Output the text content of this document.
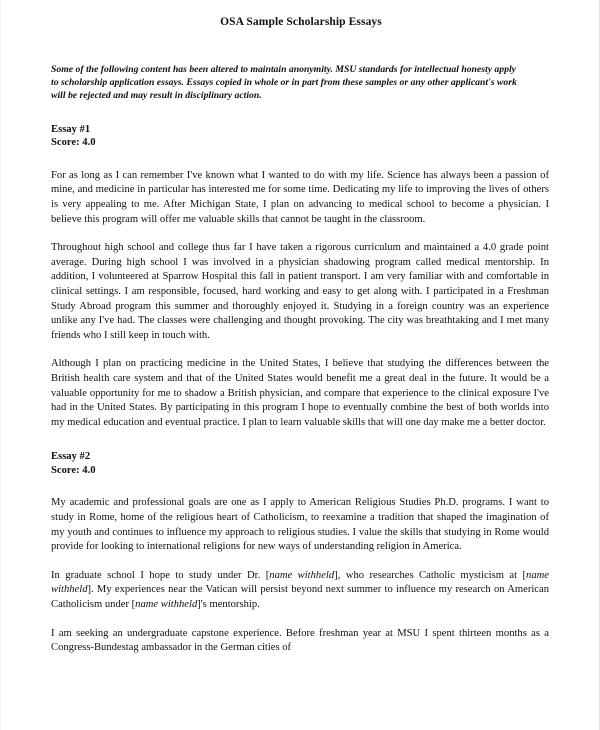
OSA Sample Scholarship Essays
Some of the following content has been altered to maintain anonymity. MSU standards for intellectual honesty apply to scholarship application essays. Essays copied in whole or in part from these samples or any other applicant's work will be rejected and may result in disciplinary action.
Essay #1
Score: 4.0

For as long as I can remember I've known what I wanted to do with my life. Science has always been a passion of mine, and medicine in particular has interested me for some time. Dedicating my life to improving the lives of others is very appealing to me. After Michigan State, I plan on advancing to medical school to become a physician. I believe this program will offer me valuable skills that cannot be taught in the classroom.

Throughout high school and college thus far I have taken a rigorous curriculum and maintained a 4.0 grade point average. During high school I was involved in a physician shadowing program called medical mentorship. In addition, I volunteered at Sparrow Hospital this fall in patient transport. I am very familiar with and comfortable in clinical settings. I am responsible, focused, hard working and easy to get along with. I participated in a Freshman Study Abroad program this summer and thoroughly enjoyed it. Studying in a foreign country was an experience unlike any I've had. The classes were challenging and thought provoking. The city was breathtaking and I met many friends who I still keep in touch with.

Although I plan on practicing medicine in the United States, I believe that studying the differences between the British health care system and that of the United States would benefit me a great deal in the future. It would be a valuable opportunity for me to shadow a British physician, and compare that experience to the clinical exposure I've had in the United States. By participating in this program I hope to eventually combine the best of both worlds into my medical education and eventual practice. I plan to learn valuable skills that will one day make me a better doctor.

Essay #2
Score: 4.0

My academic and professional goals are one as I apply to American Religious Studies Ph.D. programs. I want to study in Rome, home of the religious heart of Catholicism, to reexamine a tradition that shaped the imagination of my youth and continues to influence my approach to religious studies. I value the skills that studying in Rome would provide for looking to international religions for new ways of understanding religion in America.

In graduate school I hope to study under Dr. [name withheld], who researches Catholic mysticism at [name withheld]. My experiences near the Vatican will persist beyond next summer to influence my research on American Catholicism under [name withheld]'s mentorship.

I am seeking an undergraduate capstone experience. Before freshman year at MSU I spent thirteen months as a Congress-Bundestag ambassador in the German cities of
